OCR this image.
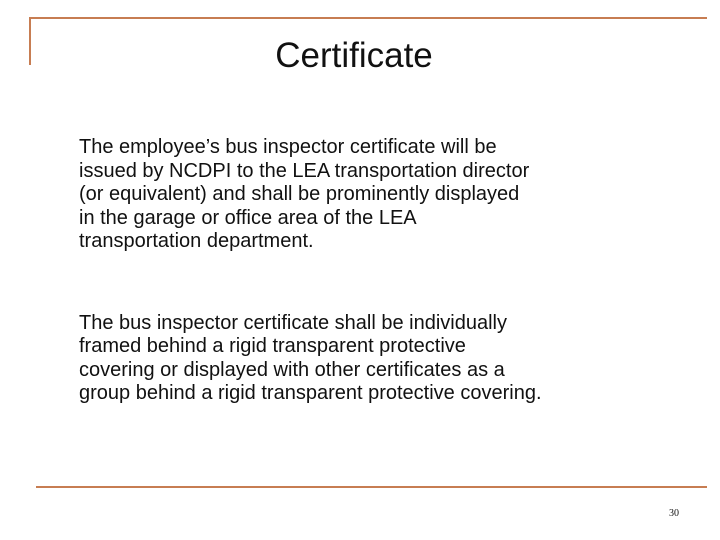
Certificate

The employee’s bus inspector certificate will be
issued by NCDPI to the LEA transportation director
(or equivalent) and shall be prominently displayed
in the garage or office area of the LEA
transportation department.

The bus inspector certificate shall be individually
framed behind a rigid transparent protective
covering or displayed with other certificates as a
group behind a rigid transparent protective covering.

30
